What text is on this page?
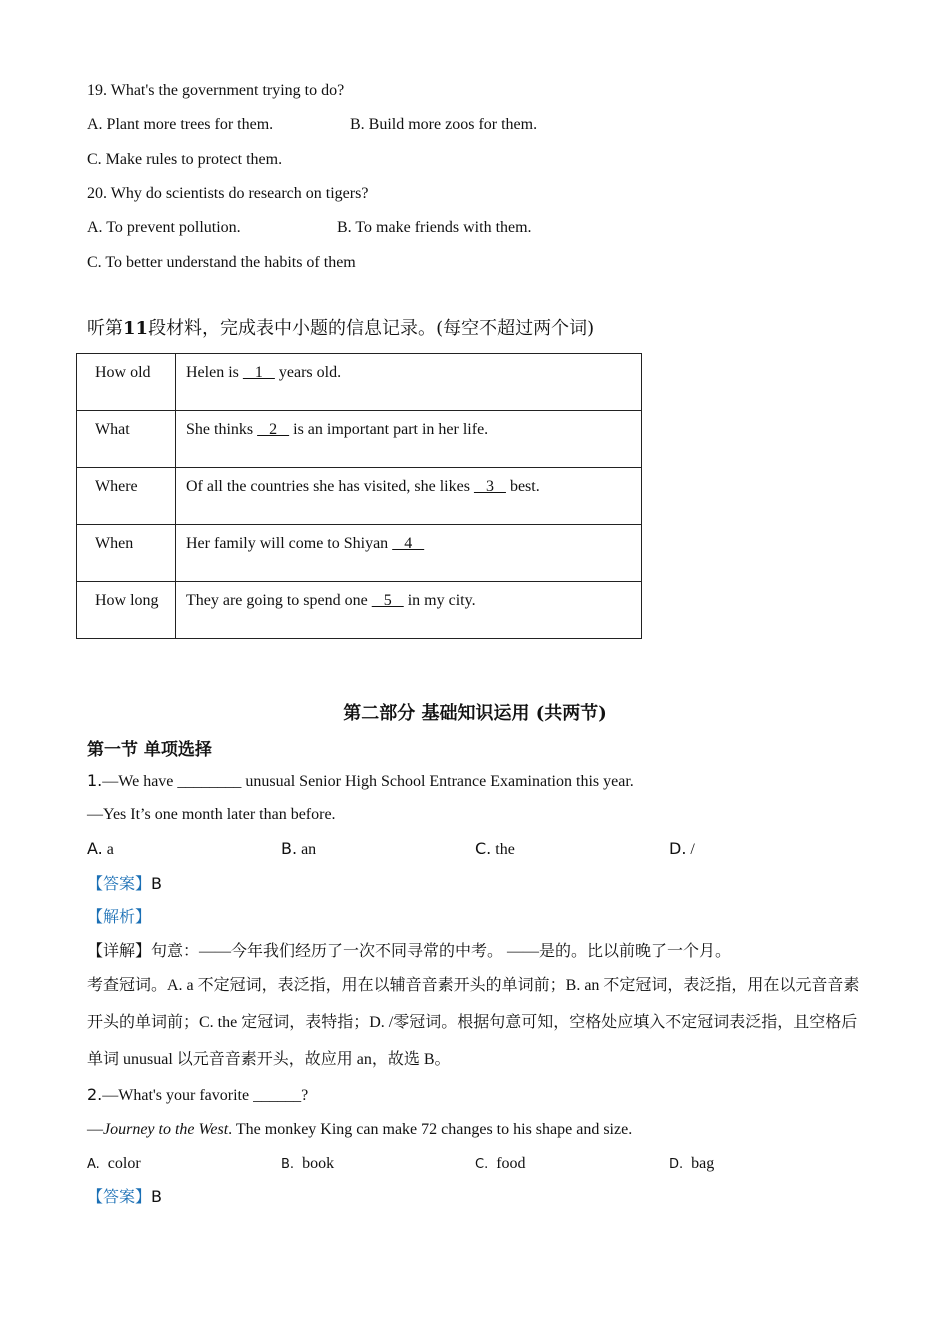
19. What's the government trying to do?
A. Plant more trees for them.	B. Build more zoos for them.
C. Make rules to protect them.
20. Why do scientists do research on tigers?
A. To prevent pollution.	B. To make friends with them.
C. To better understand the habits of them
听第11段材料，完成表中小题的信息记录。(每空不超过两个词)
How old	Helen is    1    years old.
What	She thinks    2    is an important part in her life.
Where	Of all the countries she has visited, she likes    3    best.
When	Her family will come to Shiyan    4
How long	They are going to spend one    5    in my city.
第二部分 基础知识运用 (共两节)
第一节 单项选择
1.—We have ________ unusual Senior High School Entrance Examination this year.
—Yes It’s one month later than before.
A. a	B. an	C. the	D. /
【答案】B
【解析】
【详解】句意：——今年我们经历了一次不同寻常的中考。 ——是的。比以前晚了一个月。
考查冠词。A. a 不定冠词，表泛指，用在以辅音音素开头的单词前；B. an 不定冠词，表泛指，用在以元音音素开头的单词前；C. the 定冠词，表特指；D. /零冠词。根据句意可知，空格处应填入不定冠词表泛指，且空格后单词 unusual 以元音音素开头，故应用 an，故选 B。
2.—What's your favorite ______?
—Journey to the West. The monkey King can make 72 changes to his shape and size.
A. color	B. book	C. food	D. bag
【答案】B
